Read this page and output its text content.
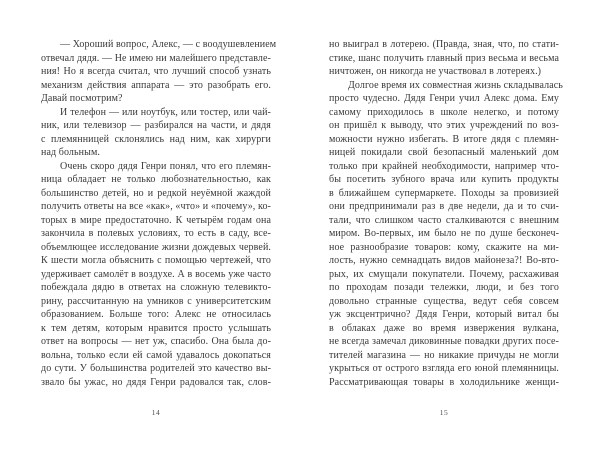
— Хороший вопрос, Алекс, — с воодушевлением
отвечал дядя. — Не имею ни малейшего представле-
ния! Но я всегда считал, что лучший способ узнать
механизм действия аппарата — это разобрать его.
Давай посмотрим?
И телефон — или ноутбук, или тостер, или чай-
ник, или телевизор — разбирался на части, и дядя
с племянницей склонялись над ним, как хирурги
над больным.
Очень скоро дядя Генри понял, что его племян-
ница обладает не только любознательностью, как
большинство детей, но и редкой неуёмной жаждой
получить ответы на все «как», «что» и «почему», ко-
торых в мире предостаточно. К четырём годам она
закончила в полевых условиях, то есть в саду, все-
объемлющее исследование жизни дождевых червей.
К шести могла объяснить с помощью чертежей, что
удерживает самолёт в воздухе. А в восемь уже часто
побеждала дядю в ответах на сложную телевикто-
рину, рассчитанную на умников с университетским
образованием. Больше того: Алекс не относилась
к тем детям, которым нравится просто услышать
ответ на вопросы — нет уж, спасибо. Она была до-
вольна, только если ей самой удавалось докопаться
до сути. У большинства родителей это качество вы-
звало бы ужас, но дядя Генри радовался так, слов-
14
но выиграл в лотерею. (Правда, зная, что, по стати-
стике, шанс получить главный приз весьма и весьма
ничтожен, он никогда не участвовал в лотереях.)
Долгое время их совместная жизнь складывалась
просто чудесно. Дядя Генри учил Алекс дома. Ему
самому приходилось в школе нелегко, и потому
он пришёл к выводу, что этих учреждений по воз-
можности нужно избегать. В итоге дядя с племян-
ницей покидали свой безопасный маленький дом
только при крайней необходимости, например что-
бы посетить зубного врача или купить продукты
в ближайшем супермаркете. Походы за провизией
они предпринимали раз в две недели, да и то счи-
тали, что слишком часто сталкиваются с внешним
миром. Во-первых, им было не по душе бесконеч-
ное разнообразие товаров: кому, скажите на ми-
лость, нужно семнадцать видов майонеза?! Во-вто-
рых, их смущали покупатели. Почему, расхаживая
по проходам позади тележки, люди, и без того
довольно странные существа, ведут себя совсем
уж эксцентрично? Дядя Генри, который витал бы
в облаках даже во время извержения вулкана,
не всегда замечал диковинные повадки других посе-
тителей магазина — но никакие причуды не могли
укрыться от острого взгляда его юной племянницы.
Рассматривающая товары в холодильнике женщи-
15
